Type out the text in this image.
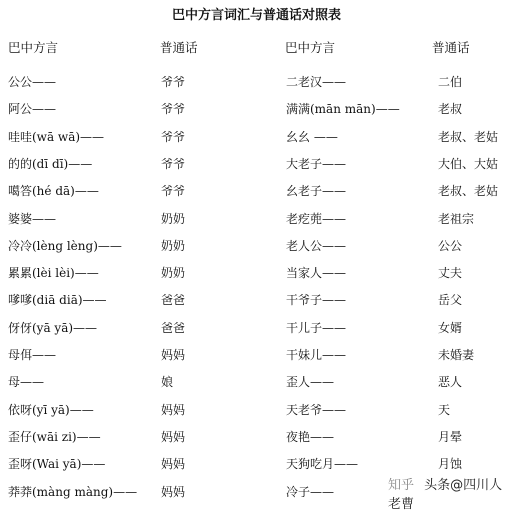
巴中方言词汇与普通话对照表
巴中方言	普通话	巴中方言	普通话
公公——	爷爷	二老汉——	二伯
阿公——	爷爷	满满(mān mān)——	老叔
哇哇(wā wā)——	爷爷	幺幺 ——	老叔、老姑
的的(dī dī)——	爷爷	大老子——	大伯、大姑
噶答(hé dā)——	爷爷	幺老子——	老叔、老姑
婆婆——	奶奶	老疙蔸——	老祖宗
冷冷(lèng lèng)——	奶奶	老人公——	公公
累累(lèi lèi)——	奶奶	当家人——	丈夫
嗲嗲(diā diā)——	爸爸	干爷子——	岳父
伢伢(yā yā)——	爸爸	干儿子——	女婿
母佴——	妈妈	干妹儿——	未婚妻
母——	娘	歪人——	恶人
依呀(yī yā)——	妈妈	天老爷——	天
歪仔(wāi zi)——	妈妈	夜艳——	月晕
歪呀(Wai yā)——	妈妈	天狗吃月——	月蚀
莽莽(màng màng)—— 妈妈	冷子——	知乎 头条@四川人老曹
